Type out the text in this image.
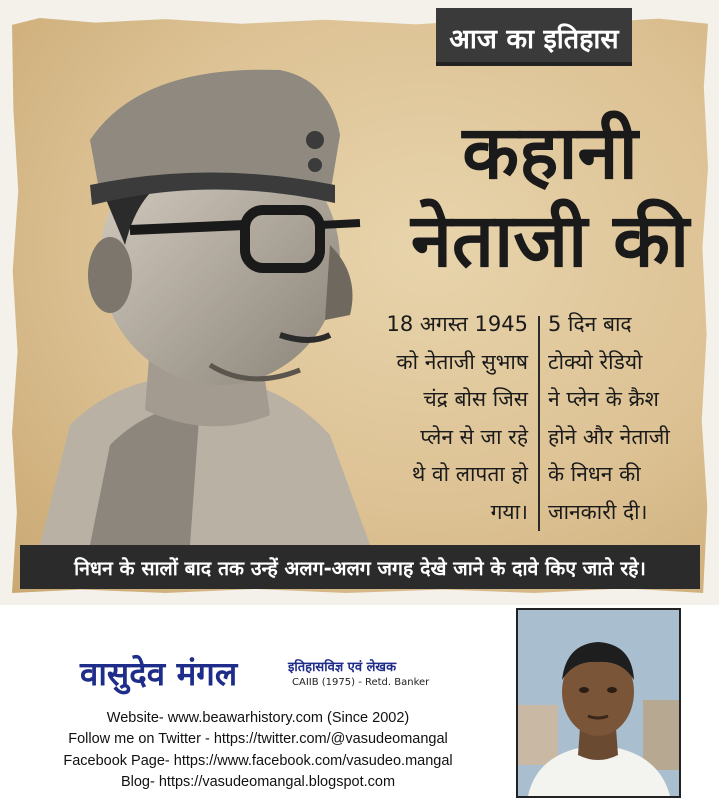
आज का इतिहास
कहानी
नेताजी की
18 अगस्त 1945
को नेताजी सुभाष
चंद्र बोस जिस
प्लेन से जा रहे
थे वो लापता हो
गया।
5 दिन बाद
टोक्यो रेडियो
ने प्लेन के क्रैश
होने और नेताजी
के निधन की
जानकारी दी।
निधन के सालों बाद तक उन्हें अलग-अलग जगह देखे जाने के दावे किए जाते रहे।
वासुदेव मंगल	इतिहासविज्ञ एवं लेखक
CAIIB (1975) - Retd. Banker
Website- www.beawarhistory.com (Since 2002)
Follow me on Twitter - https://twitter.com/@vasudeomangal
Facebook Page- https://www.facebook.com/vasudeo.mangal
Blog- https://vasudeomangal.blogspot.com
